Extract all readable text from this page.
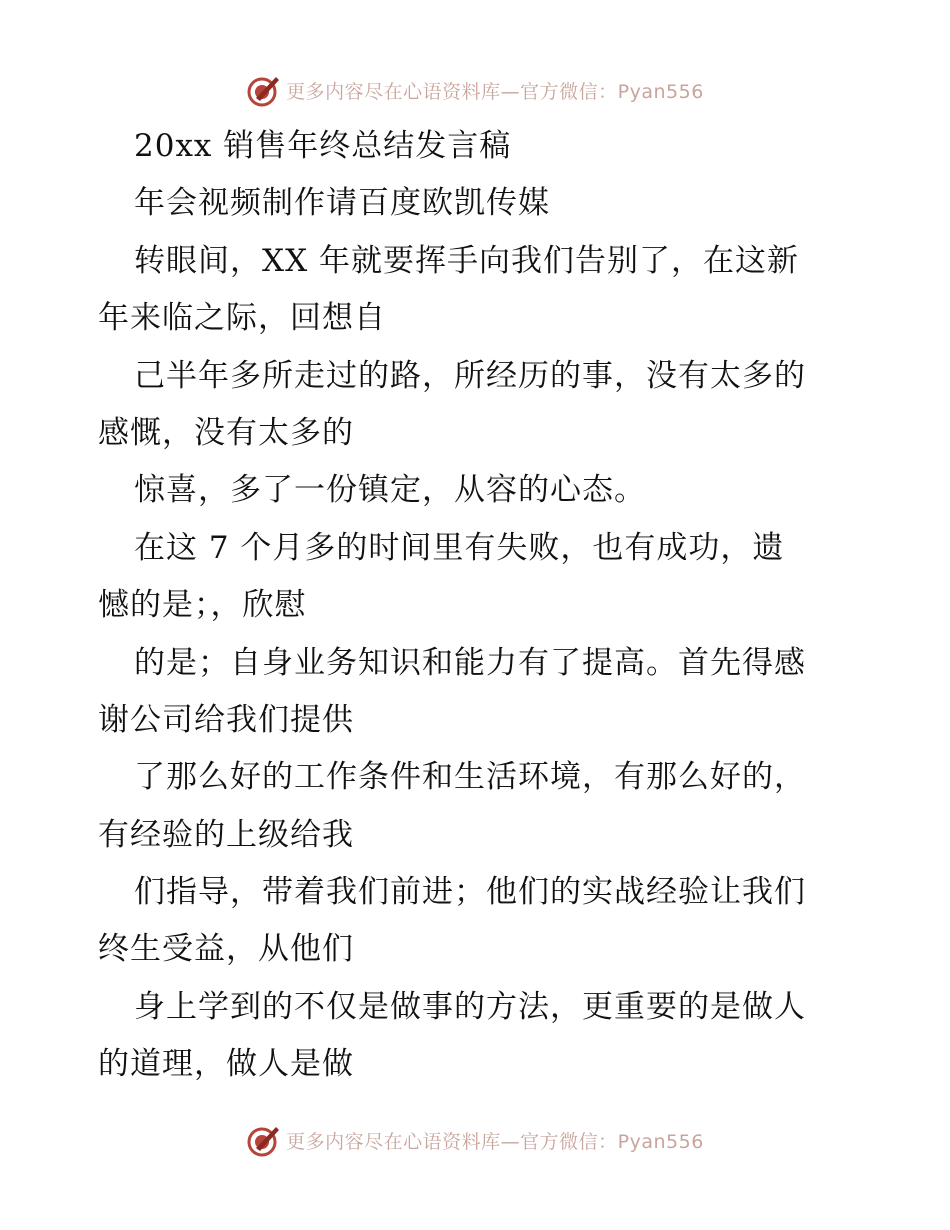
更多内容尽在心语资料库—官方微信：Pyan556
20xx 销售年终总结发言稿
年会视频制作请百度欧凯传媒
转眼间，XX 年就要挥手向我们告别了，在这新
年来临之际，回想自
己半年多所走过的路，所经历的事，没有太多的
感慨，没有太多的
惊喜，多了一份镇定，从容的心态。
在这 7 个月多的时间里有失败，也有成功，遗
憾的是；，欣慰
的是；自身业务知识和能力有了提高。首先得感
谢公司给我们提供
了那么好的工作条件和生活环境，有那么好的，
有经验的上级给我
们指导，带着我们前进；他们的实战经验让我们
终生受益，从他们
身上学到的不仅是做事的方法，更重要的是做人
的道理，做人是做
更多内容尽在心语资料库—官方微信：Pyan556
